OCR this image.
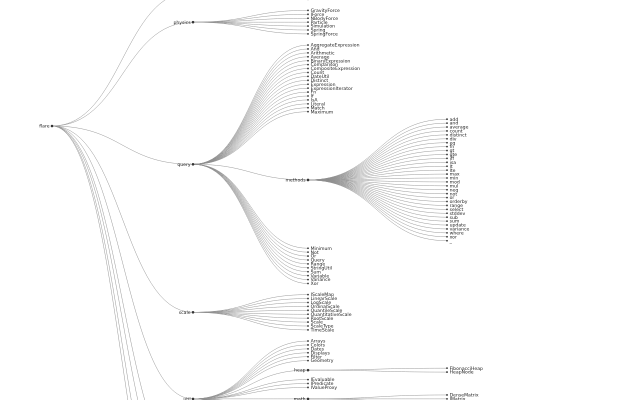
GravityForce
IForce
NBodyForce
Particle
Simulation
Spring
SpringForce
physics
AggregateExpression
And
Arithmetic
Average
BinaryExpression
Comparison
CompositeExpression
Count
DateUtil
Distinct
Expression
ExpressionIterator
Fn
If
IsA
Literal
Match
Maximum
add
and
average
count
distinct
div
eq
fn
gt
gte
iff
isa
lt
lte
max
min
mod
mul
neq
not
or
orderby
range
select
stddev
sub
sum
update
variance
where
xor
_
methods
Minimum
Not
Or
Query
Range
StringUtil
Sum
Variable
Variance
Xor
query
IScaleMap
LinearScale
LogScale
OrdinalScale
QuantileScale
QuantitativeScale
RootScale
Scale
ScaleType
TimeScale
scale
Arrays
Colors
Dates
Displays
Filter
Geometry
FibonacciHeap
HeapNode
heap
IEvaluable
IPredicate
IValueProxy
DenseMatrix
IMatrix
math
util
flare
